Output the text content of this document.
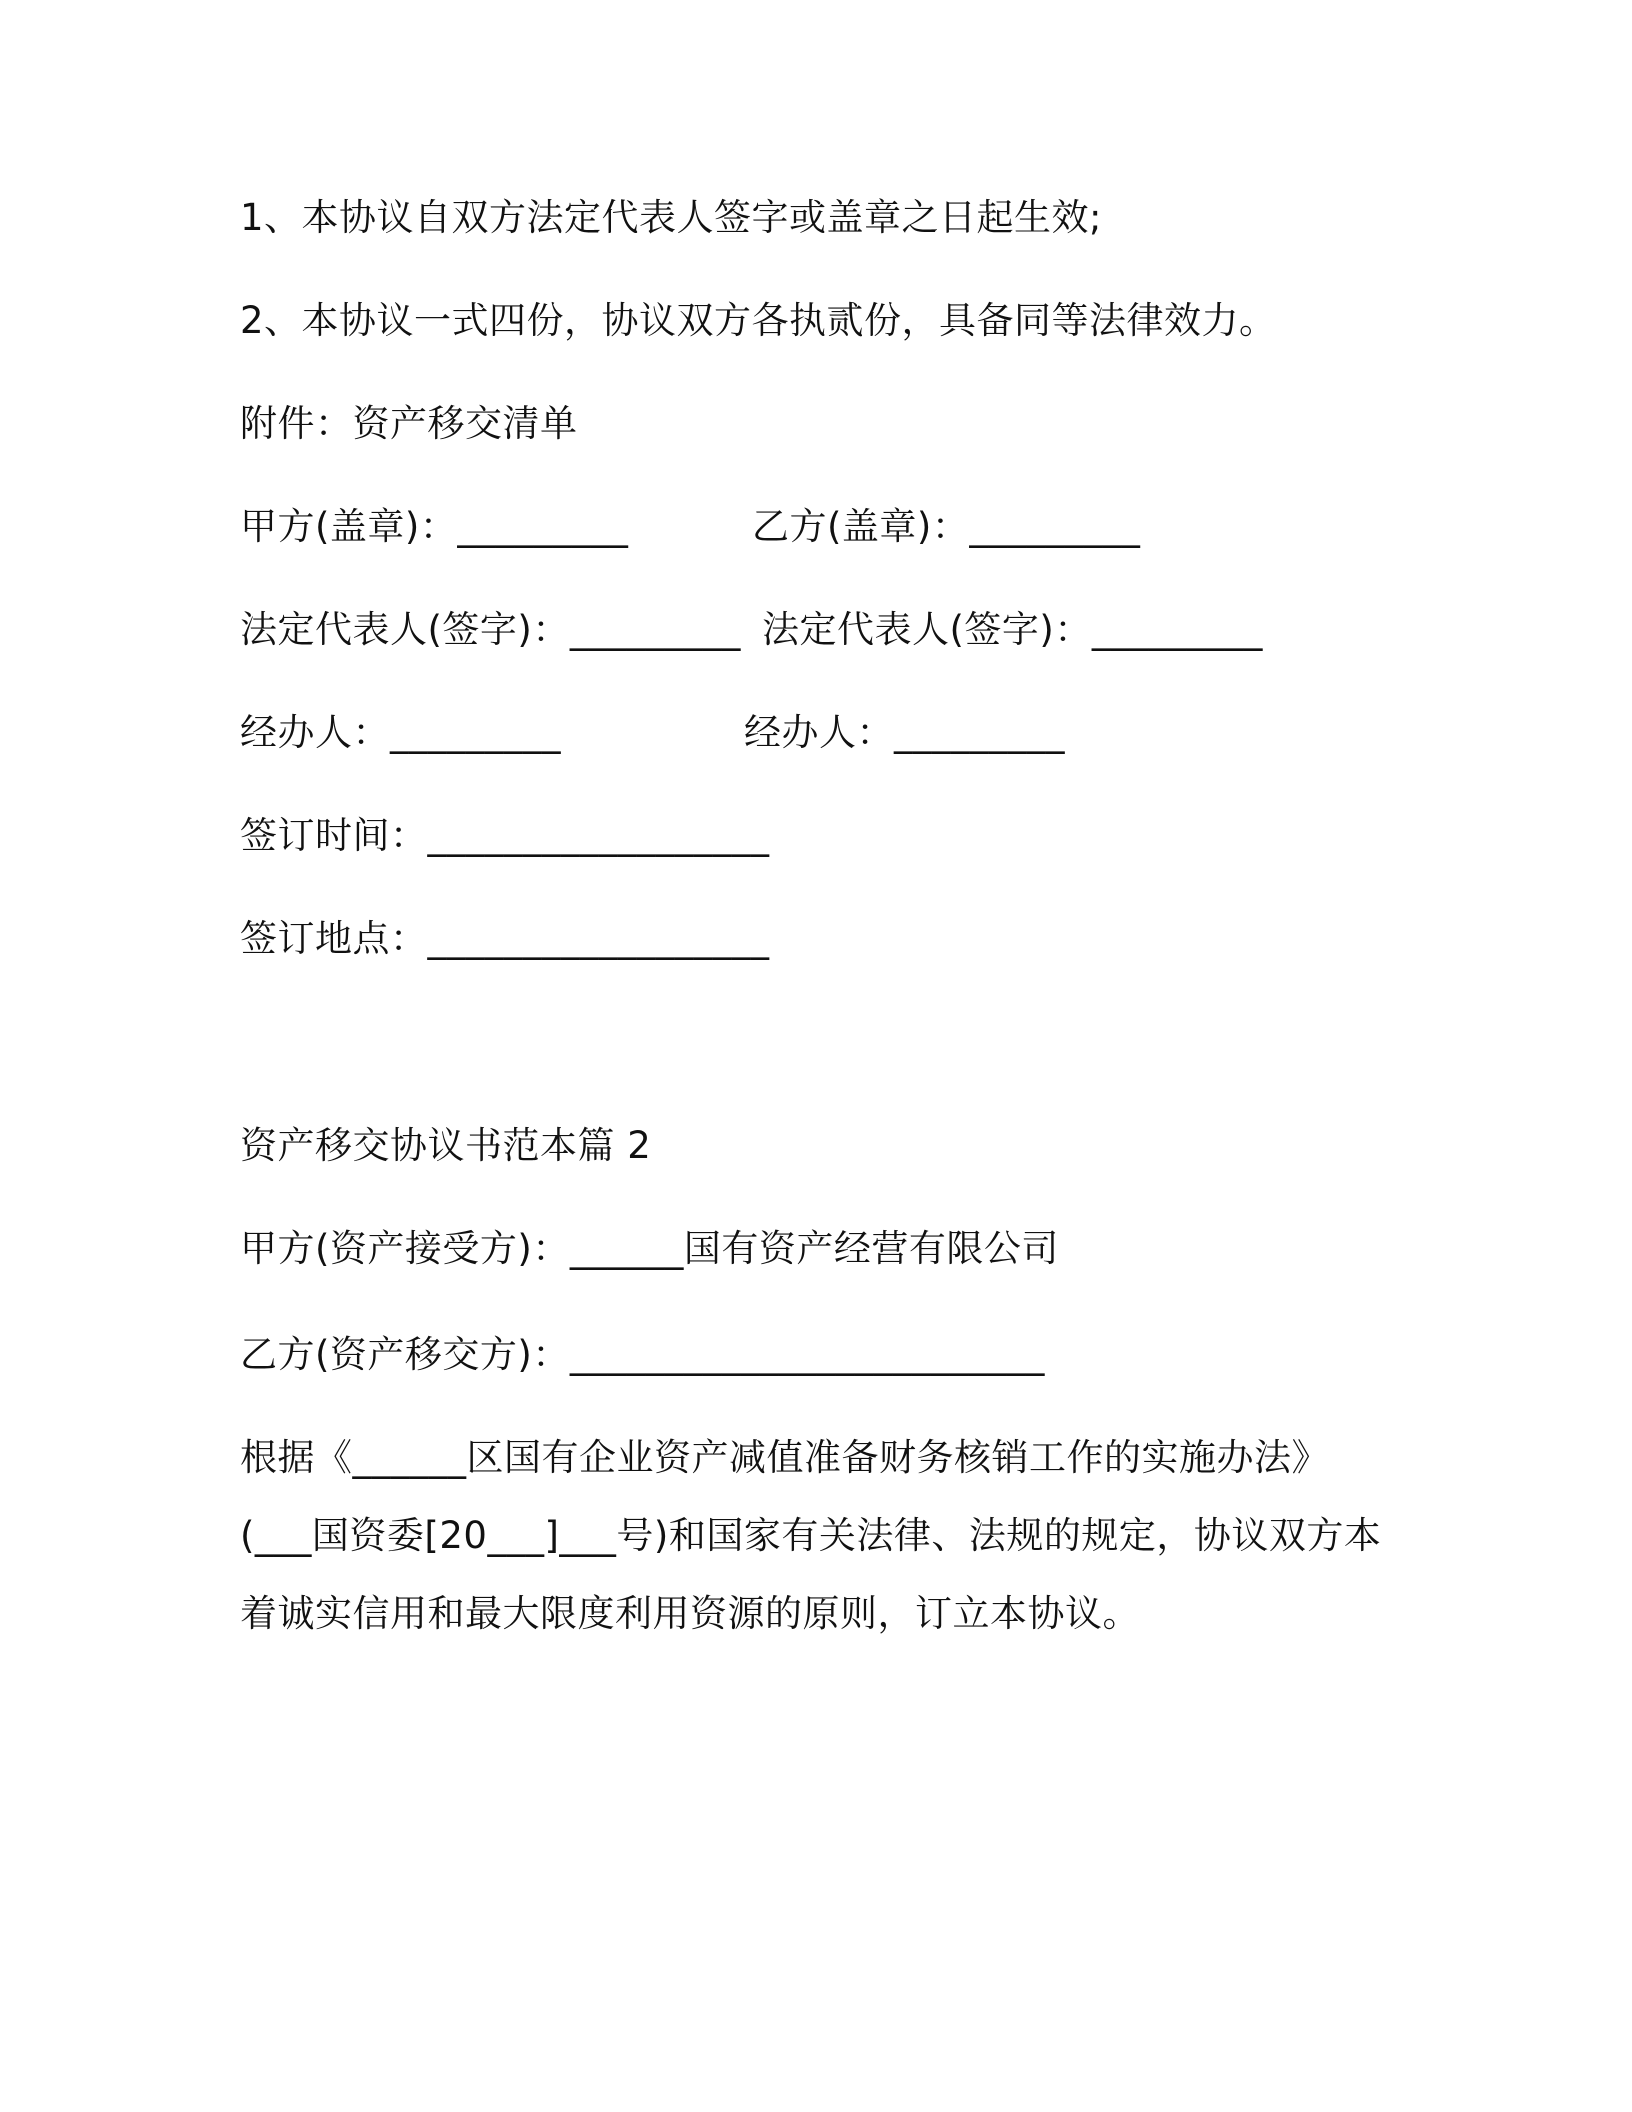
1、本协议自双方法定代表人签字或盖章之日起生效;
2、本协议一式四份，协议双方各执贰份，具备同等法律效力。
附件：资产移交清单
甲方(盖章)：_________	乙方(盖章)：_________
法定代表人(签字)：_________ 法定代表人(签字)：_________
经办人：_________	经办人：_________
签订时间：__________________
签订地点：__________________
资产移交协议书范本篇 2
甲方(资产接受方)：______国有资产经营有限公司
乙方(资产移交方)：_________________________
根据《______区国有企业资产减值准备财务核销工作的实施办法》
(___国资委[20___]___号)和国家有关法律、法规的规定，协议双方本
着诚实信用和最大限度利用资源的原则，订立本协议。
